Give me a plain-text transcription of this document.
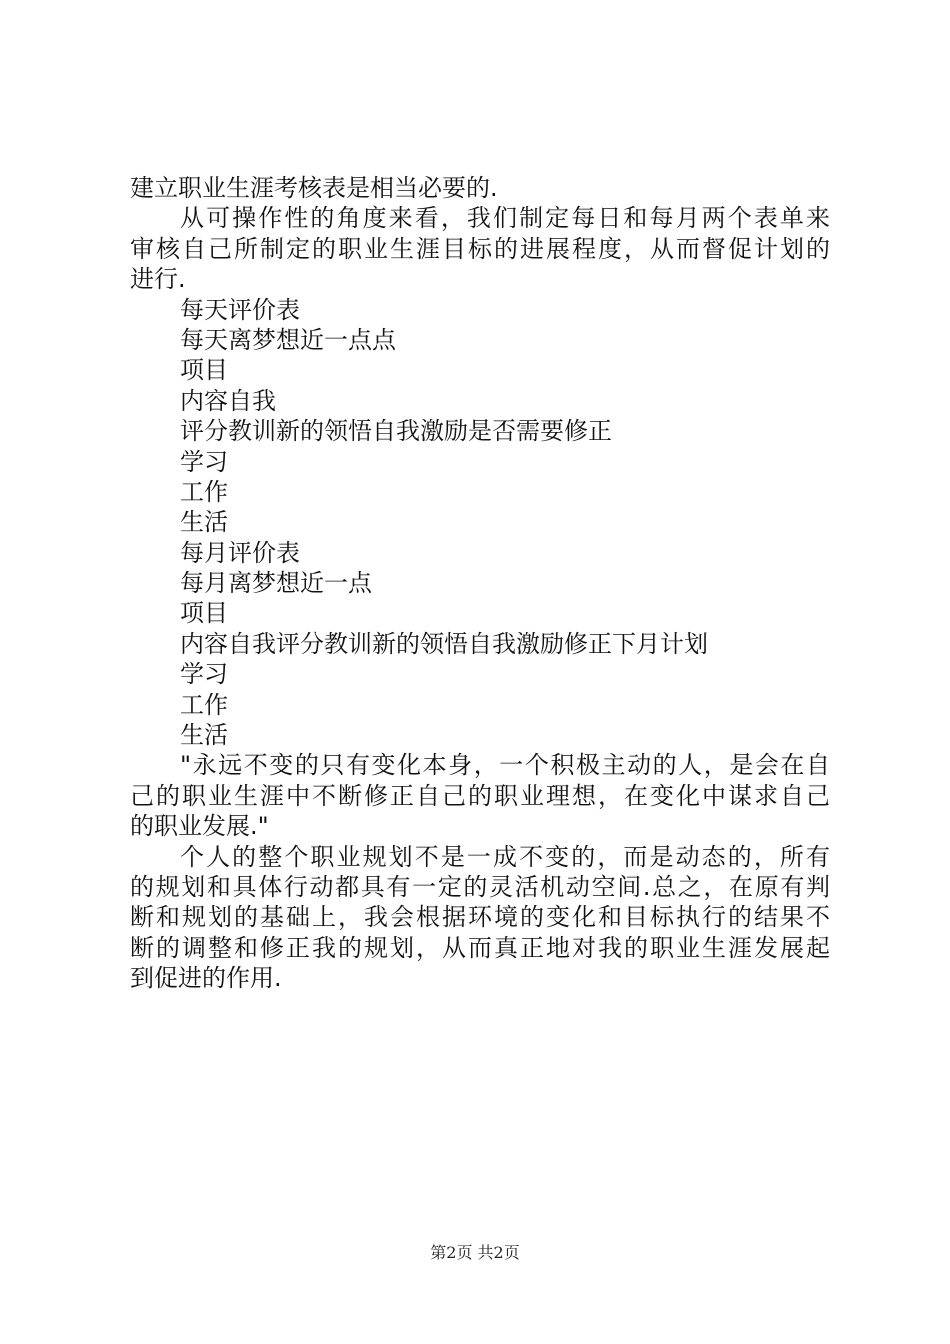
建立职业生涯考核表是相当必要的.
从可操作性的角度来看，我们制定每日和每月两个表单来
审核自己所制定的职业生涯目标的进展程度，从而督促计划的
进行.
每天评价表
每天离梦想近一点点
项目
内容自我
评分教训新的领悟自我激励是否需要修正
学习
工作
生活
每月评价表
每月离梦想近一点
项目
内容自我评分教训新的领悟自我激励修正下月计划
学习
工作
生活
"永远不变的只有变化本身，一个积极主动的人，是会在自
己的职业生涯中不断修正自己的职业理想，在变化中谋求自己
的职业发展."
个人的整个职业规划不是一成不变的，而是动态的，所有
的规划和具体行动都具有一定的灵活机动空间.总之，在原有判
断和规划的基础上，我会根据环境的变化和目标执行的结果不
断的调整和修正我的规划，从而真正地对我的职业生涯发展起
到促进的作用.
第2页 共2页
